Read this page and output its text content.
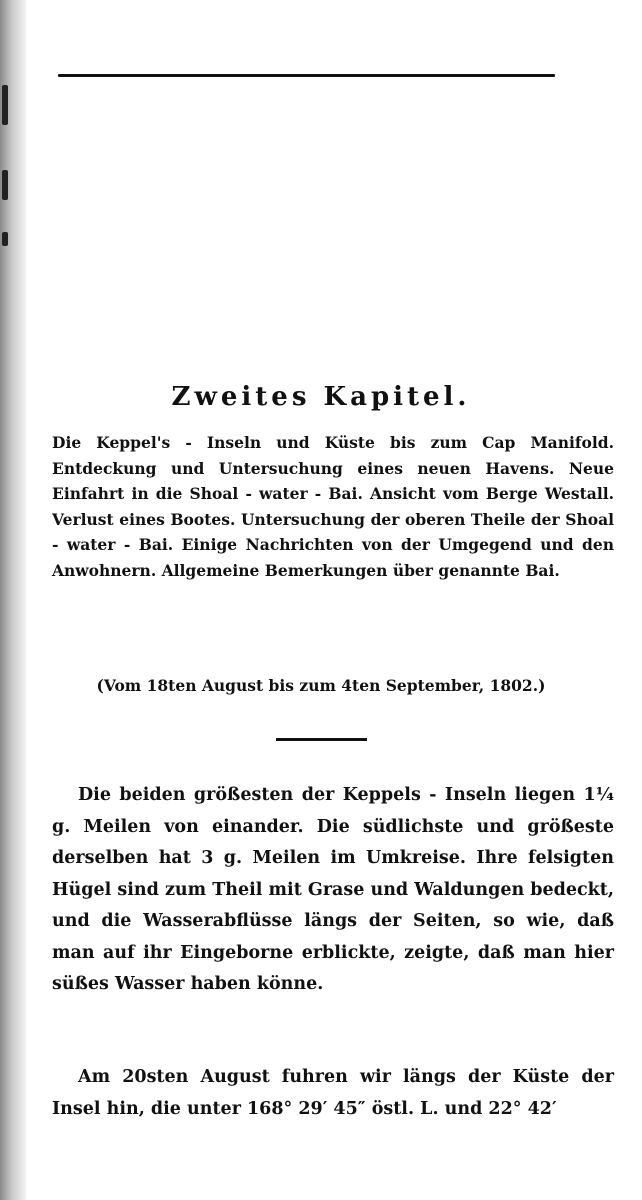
Zweites Kapitel.
Die Keppel's - Inseln und Küste bis zum Cap Manifold. Entdeckung und Untersuchung eines neuen Havens. Neue Einfahrt in die Shoal - water - Bai. Ansicht vom Berge Westall. Verlust eines Bootes. Untersuchung der oberen Theile der Shoal - water - Bai. Einige Nachrichten von der Umgegend und den Anwohnern. Allgemeine Bemerkungen über genannte Bai.
(Vom 18ten August bis zum 4ten September, 1802.)
Die beiden größesten der Keppels - Inseln liegen 1¼ g. Meilen von einander. Die südlichste und größeste derselben hat 3 g. Meilen im Umkreise. Ihre felsigten Hügel sind zum Theil mit Grase und Waldungen bedeckt, und die Wasserabflüsse längs der Seiten, so wie, daß man auf ihr Eingeborne erblickte, zeigte, daß man hier süßes Wasser haben könne.
Am 20sten August fuhren wir längs der Küste der Insel hin, die unter 168° 29′ 45″ östl. L. und 22° 42′
